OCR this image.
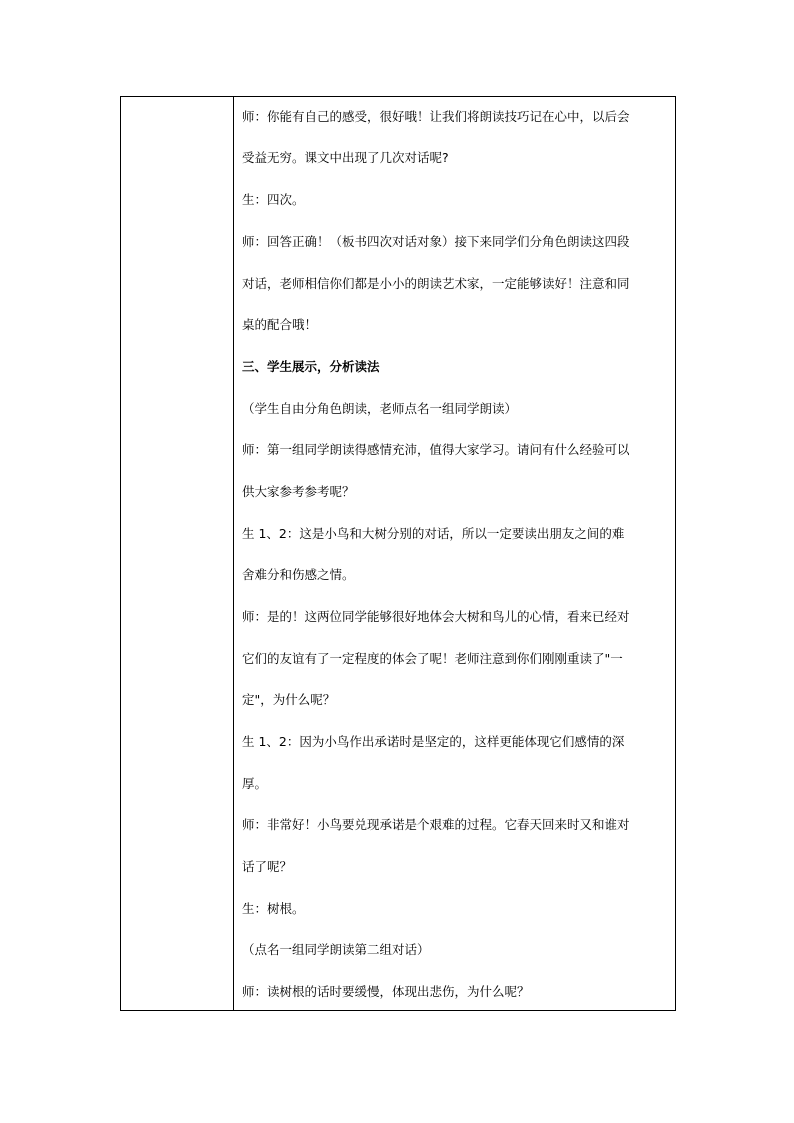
师：你能有自己的感受，很好哦！让我们将朗读技巧记在心中，以后会
受益无穷。课文中出现了几次对话呢?
生：四次。
师：回答正确！（板书四次对话对象）接下来同学们分角色朗读这四段
对话，老师相信你们都是小小的朗读艺术家，一定能够读好！注意和同
桌的配合哦！
三、学生展示，分析读法
（学生自由分角色朗读，老师点名一组同学朗读）
师：第一组同学朗读得感情充沛，值得大家学习。请问有什么经验可以
供大家参考参考呢？
生 1、2：这是小鸟和大树分别的对话，所以一定要读出朋友之间的难
舍难分和伤感之情。
师：是的！这两位同学能够很好地体会大树和鸟儿的心情，看来已经对
它们的友谊有了一定程度的体会了呢！老师注意到你们刚刚重读了"一
定"，为什么呢？
生 1、2：因为小鸟作出承诺时是坚定的，这样更能体现它们感情的深
厚。
师：非常好！小鸟要兑现承诺是个艰难的过程。它春天回来时又和谁对
话了呢？
生：树根。
（点名一组同学朗读第二组对话）
师：读树根的话时要缓慢，体现出悲伤，为什么呢？
